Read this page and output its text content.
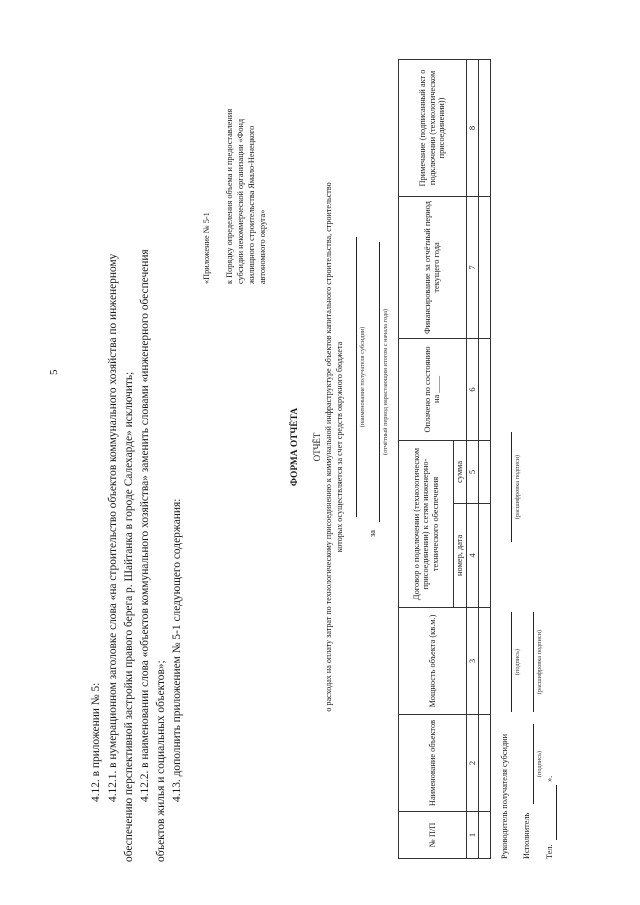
5
4.12. в приложении № 5: 4.12.1. в нумерационном заголовке слова «на строительство объектов коммунального хозяйства по инженерному обеспечению перспективной застройки правого берега р. Шайтанка в городе Салехарде» исключить; 4.12.2. в наименовании слова «объектов коммунального хозяйства» заменить словами «инженерного обеспечения объектов жилья и социальных объектов»; 4.13. дополнить приложением № 5-1 следующего содержания:
«Приложение № 5-1 к Порядку определения объема и предоставления субсидии некоммерческой организации «Фонд жилищного строительства Ямало-Ненецкого автономного округа»
ФОРМА ОТЧЁТА ОТЧЁТ о расходах на оплату затрат по технологическому присоединению к коммунальной инфраструктуре объектов капитального строительства, строительство которых осуществляется за счет средств окружного бюджета (наименование получателя субсидии)
за
(отчётный период нарастающим итогом с начала года)
№ П/П	Наименование объектов	Мощность объекта (кв.м.)	Договор о подключении (технологическом присоединении) к сетям инженерно-технического обеспечения		Оплачено по состоянию на ____	Финансирование за отчётный период текущего года	Примечание (подписанный акт о подключении (технологическом присоединении))
			номер, дата	сумма			
1	2	3	4	5	6	7	8

Руководитель получателя субсидии
(подпись)
(расшифровка подписи)
Исполнитель
(подпись)
(расшифровка подписи)
Тел.
».
